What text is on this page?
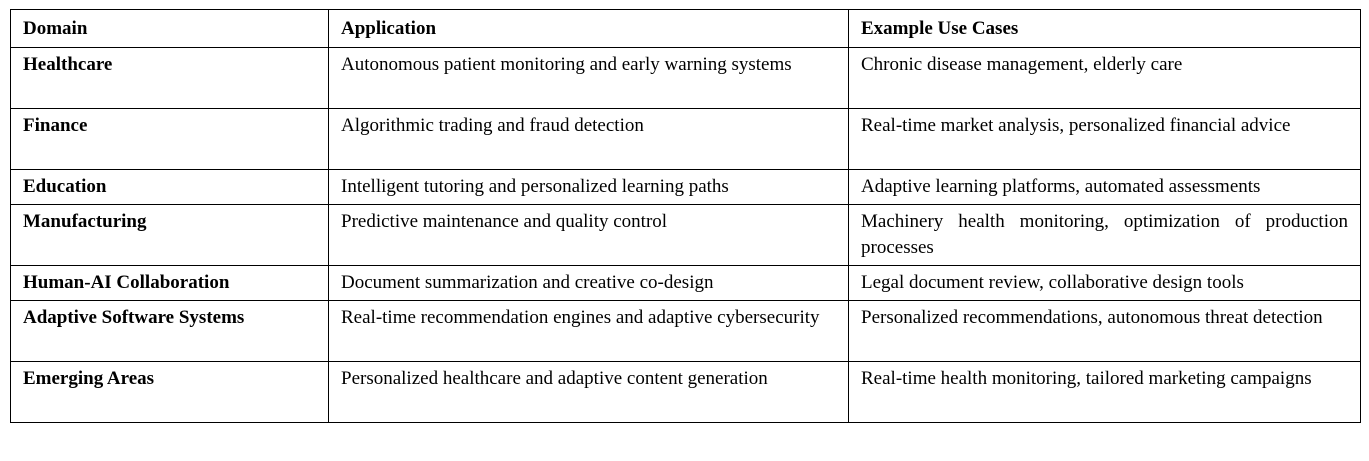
Domain	Application	Example Use Cases
Healthcare	Autonomous patient monitoring and early warning systems	Chronic disease management, elderly care
Finance	Algorithmic trading and fraud detection	Real-time market analysis, personalized financial advice
Education	Intelligent tutoring and personalized learning paths	Adaptive learning platforms, automated assessments
Manufacturing	Predictive maintenance and quality control	Machinery health monitoring, optimization of production processes
Human-AI Collaboration	Document summarization and creative co-design	Legal document review, collaborative design tools
Adaptive Software Systems	Real-time recommendation engines and adaptive cybersecurity	Personalized recommendations, autonomous threat detection
Emerging Areas	Personalized healthcare and adaptive content generation	Real-time health monitoring, tailored marketing campaigns
